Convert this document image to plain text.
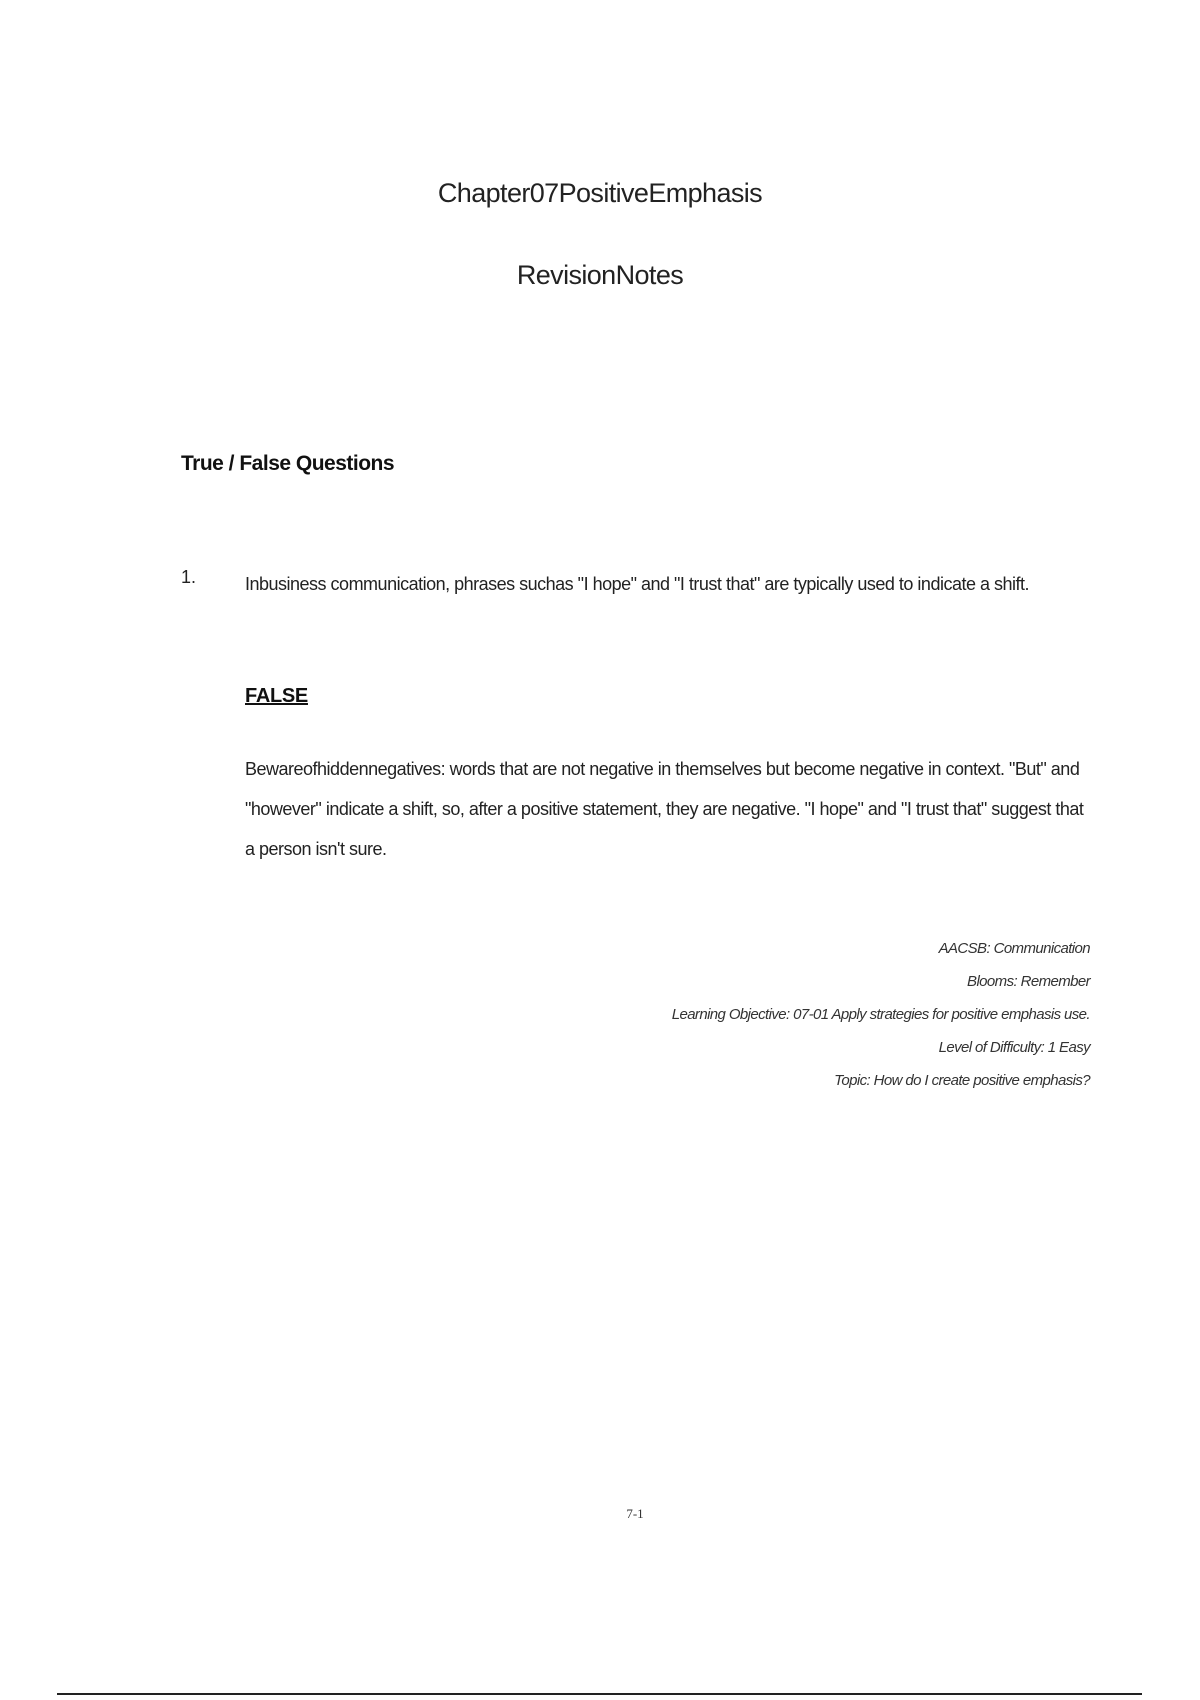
Chapter07PositiveEmphasis
RevisionNotes
True / False Questions
1.	Inbusiness communication, phrases suchas "I hope" and "I trust that" are typically used to indicate a shift.
FALSE
Bewareofhiddennegatives: words that are not negative in themselves but become negative in context. "But" and "however" indicate a shift, so, after a positive statement, they are negative. "I hope" and "I trust that" suggest that a person isn't sure.
AACSB: Communication
Blooms: Remember
Learning Objective: 07-01 Apply strategies for positive emphasis use.
Level of Difficulty: 1 Easy
Topic: How do I create positive emphasis?
7-1
